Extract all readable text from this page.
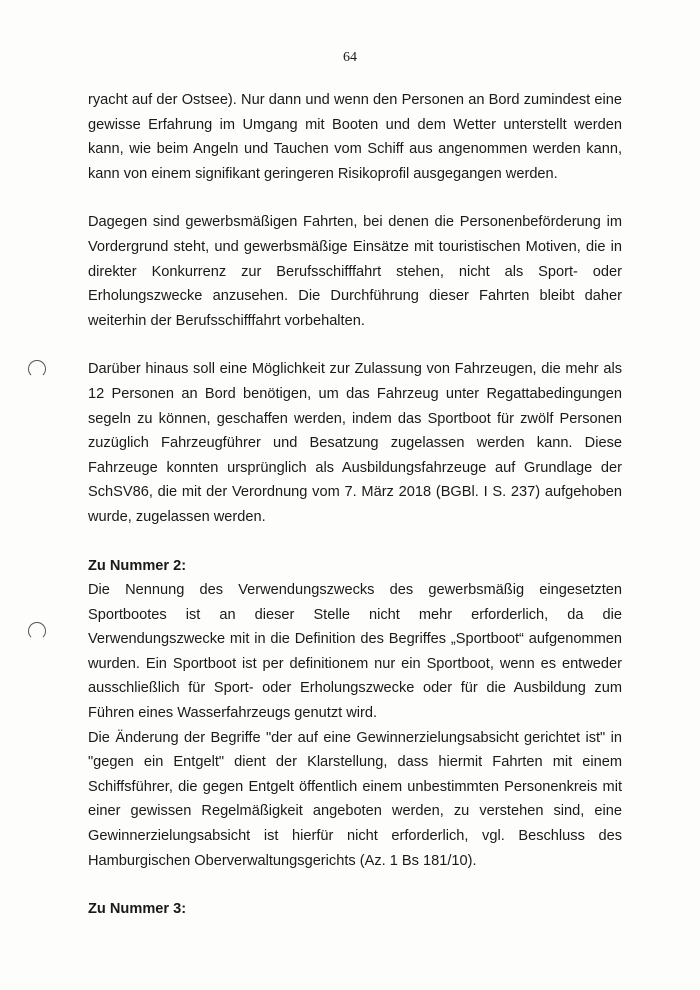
64

ryacht auf der Ostsee). Nur dann und wenn den Personen an Bord zumindest eine gewisse Erfahrung im Umgang mit Booten und dem Wetter unterstellt werden kann, wie beim Angeln und Tauchen vom Schiff aus angenommen werden kann, kann von einem signifikant geringeren Risikoprofil ausgegangen werden.

Dagegen sind gewerbsmäßigen Fahrten, bei denen die Personenbeförderung im Vordergrund steht, und gewerbsmäßige Einsätze mit touristischen Motiven, die in direkter Konkurrenz zur Berufsschifffahrt stehen, nicht als Sport- oder Erholungszwecke anzusehen. Die Durchführung dieser Fahrten bleibt daher weiterhin der Berufsschifffahrt vorbehalten.

Darüber hinaus soll eine Möglichkeit zur Zulassung von Fahrzeugen, die mehr als 12 Personen an Bord benötigen, um das Fahrzeug unter Regattabedingungen segeln zu können, geschaffen werden, indem das Sportboot für zwölf Personen zuzüglich Fahrzeugführer und Besatzung zugelassen werden kann. Diese Fahrzeuge konnten ursprünglich als Ausbildungsfahrzeuge auf Grundlage der SchSV86, die mit der Verordnung vom 7. März 2018 (BGBl. I S. 237) aufgehoben wurde, zugelassen werden.

Zu Nummer 2:

Die Nennung des Verwendungszwecks des gewerbsmäßig eingesetzten Sportbootes ist an dieser Stelle nicht mehr erforderlich, da die Verwendungszwecke mit in die Definition des Begriffes „Sportboot“ aufgenommen wurden. Ein Sportboot ist per definitionem nur ein Sportboot, wenn es entweder ausschließlich für Sport- oder Erholungszwecke oder für die Ausbildung zum Führen eines Wasserfahrzeugs genutzt wird.

Die Änderung der Begriffe "der auf eine Gewinnerzielungsabsicht gerichtet ist" in "gegen ein Entgelt" dient der Klarstellung, dass hiermit Fahrten mit einem Schiffsführer, die gegen Entgelt öffentlich einem unbestimmten Personenkreis mit einer gewissen Regelmäßigkeit angeboten werden, zu verstehen sind, eine Gewinnerzielungsabsicht ist hierfür nicht erforderlich, vgl. Beschluss des Hamburgischen Oberverwaltungsgerichts (Az. 1 Bs 181/10).

Zu Nummer 3:
